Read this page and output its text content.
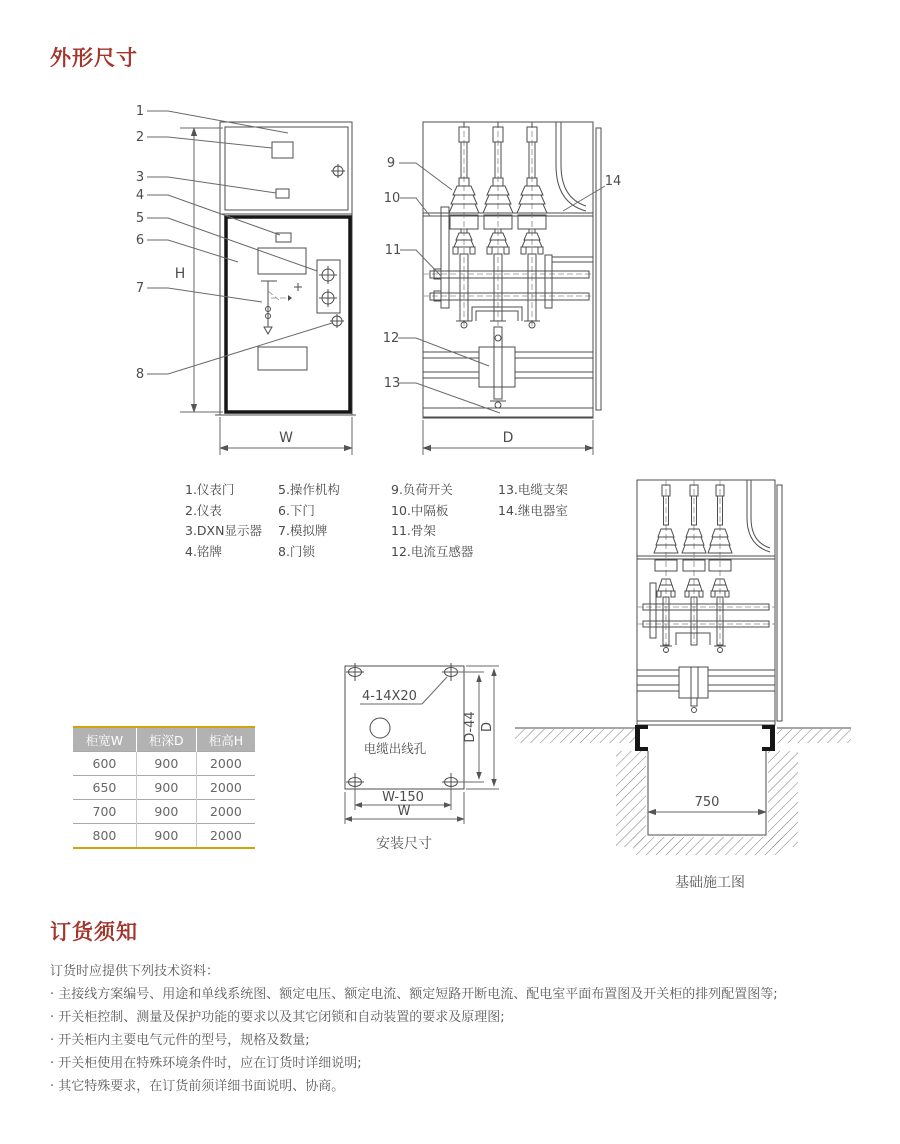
外形尺寸
H
W
1
2
3
4
5
6
7
8
D
9
10
11
12
13
14
1.仪表门
2.仪表
3.DXN显示器
4.铭牌
5.操作机构
6.下门
7.模拟牌
8.门锁
9.负荷开关
10.中隔板
11.骨架
12.电流互感器
13.电缆支架
14.继电器室
柜宽W	柜深D	柜高H
600	900	2000
650	900	2000
700	900	2000
800	900	2000
4-14X20
电缆出线孔
D-44 D
W-150
W
安装尺寸
750
基础施工图
订货须知
订货时应提供下列技术资料：
· 主接线方案编号、用途和单线系统图、额定电压、额定电流、额定短路开断电流、配电室平面布置图及开关柜的排列配置图等;
· 开关柜控制、测量及保护功能的要求以及其它闭锁和自动装置的要求及原理图;
· 开关柜内主要电气元件的型号，规格及数量;
· 开关柜使用在特殊环境条件时，应在订货时详细说明;
· 其它特殊要求，在订货前须详细书面说明、协商。
